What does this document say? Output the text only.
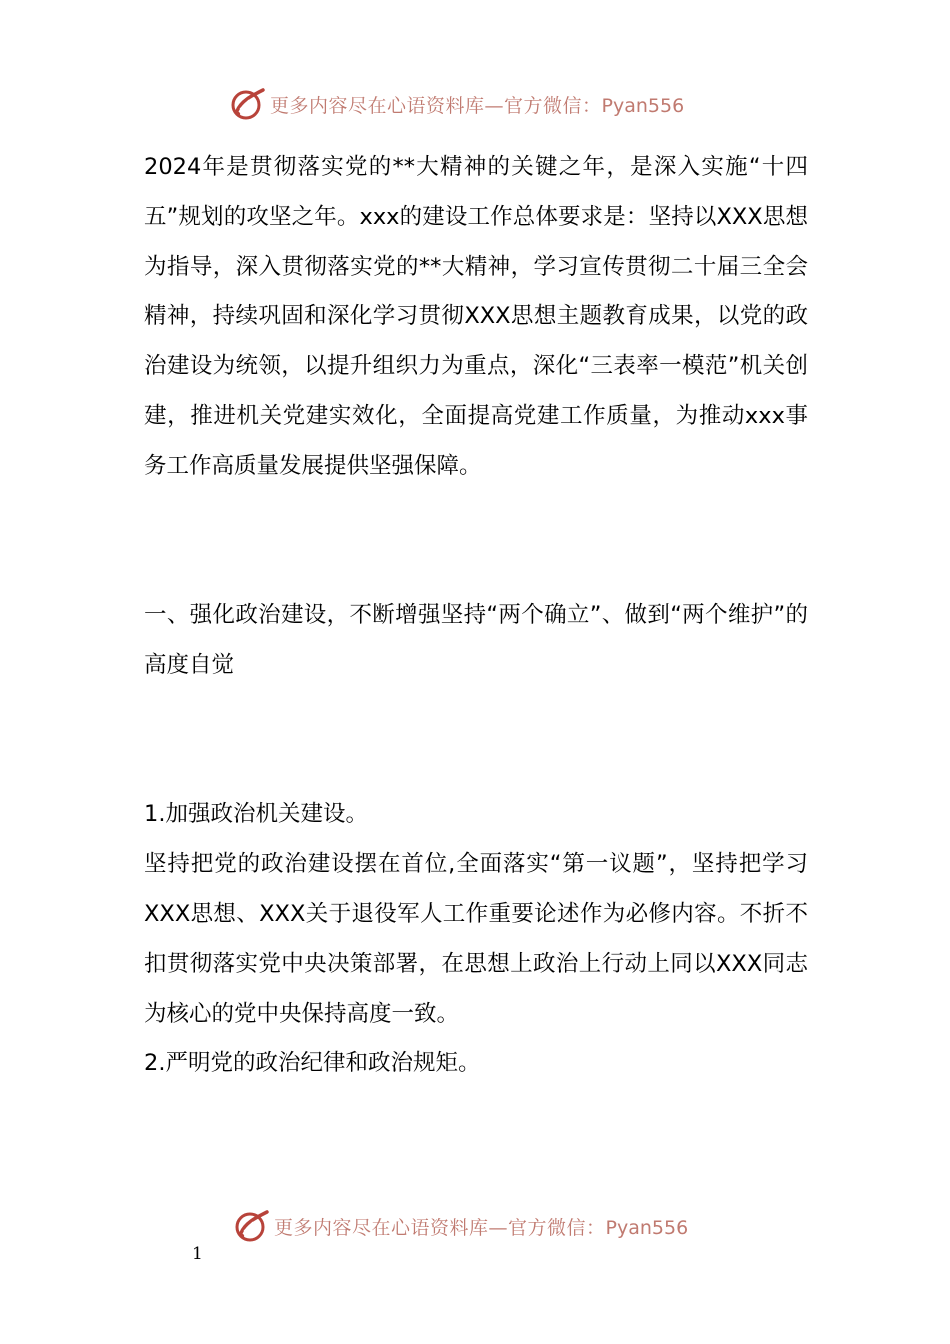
更多内容尽在心语资料库—官方微信：Pyan556

2024年是贯彻落实党的**大精神的关键之年，是深入实施“十四五”规划的攻坚之年。xxx的建设工作总体要求是：坚持以XXX思想为指导，深入贯彻落实党的**大精神，学习宣传贯彻二十届三全会精神，持续巩固和深化学习贯彻XXX思想主题教育成果，以党的政治建设为统领，以提升组织力为重点，深化“三表率一模范”机关创建，推进机关党建实效化，全面提高党建工作质量，为推动xxx事务工作高质量发展提供坚强保障。

一、强化政治建设，不断增强坚持“两个确立”、做到“两个维护”的高度自觉

1.加强政治机关建设。

坚持把党的政治建设摆在首位,全面落实“第一议题”，坚持把学习XXX思想、XXX关于退役军人工作重要论述作为必修内容。不折不扣贯彻落实党中央决策部署，在思想上政治上行动上同以XXX同志为核心的党中央保持高度一致。

2.严明党的政治纪律和政治规矩。

更多内容尽在心语资料库—官方微信：Pyan556
1
